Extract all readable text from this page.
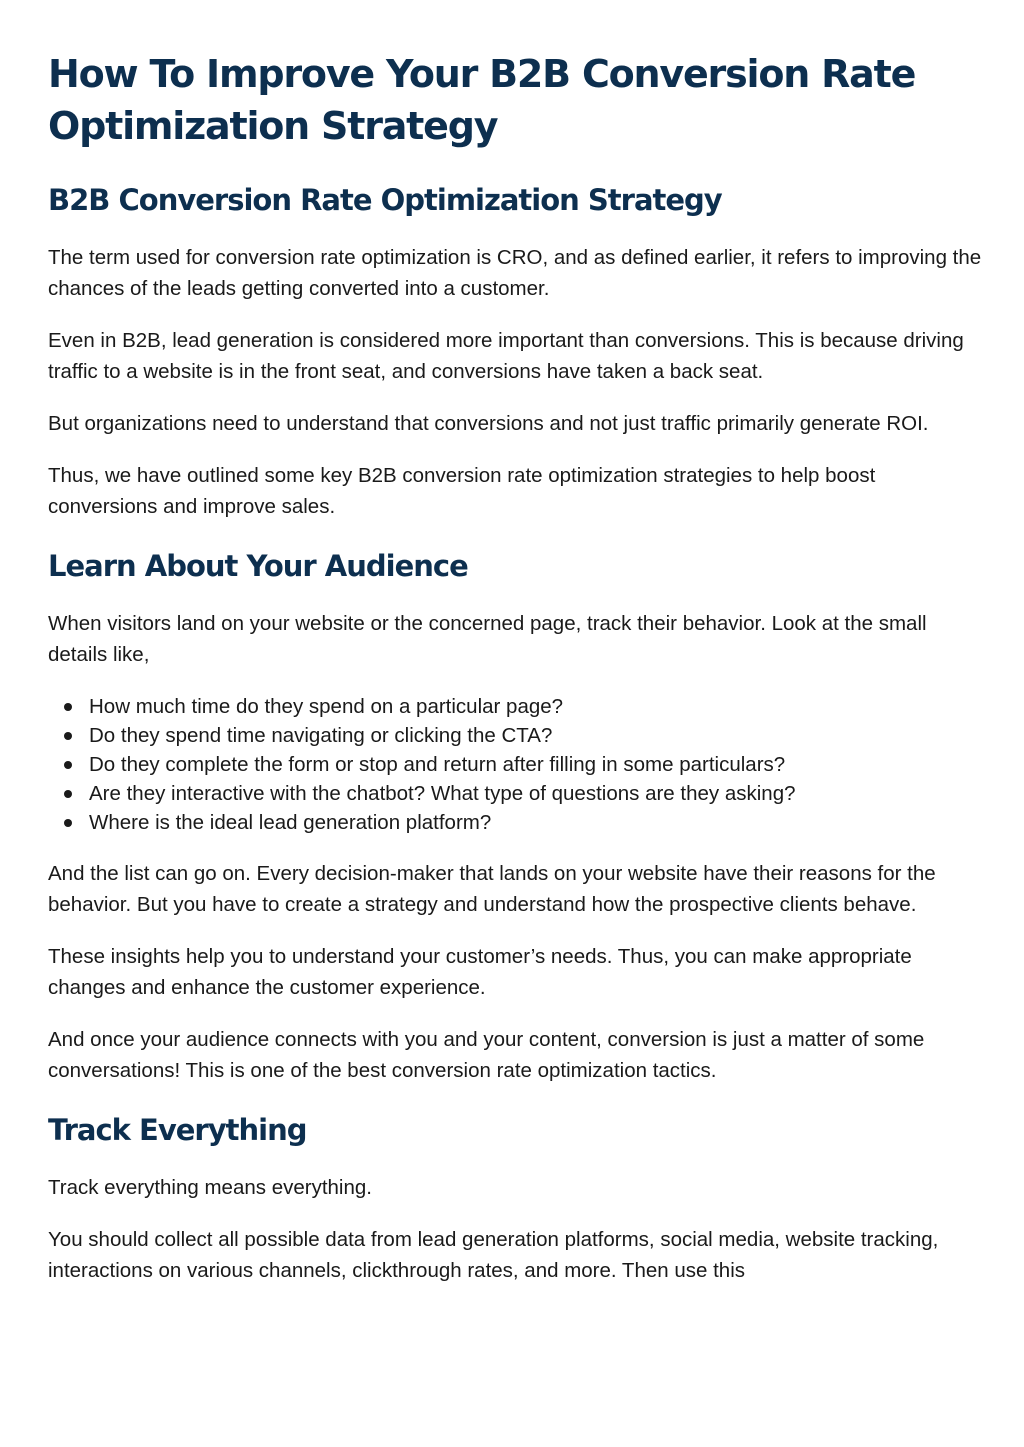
How To Improve Your B2B Conversion Rate Optimization Strategy
B2B Conversion Rate Optimization Strategy

The term used for conversion rate optimization is CRO, and as defined earlier, it refers to improving the chances of the leads getting converted into a customer.

Even in B2B, lead generation is considered more important than conversions. This is because driving traffic to a website is in the front seat, and conversions have taken a back seat.

But organizations need to understand that conversions and not just traffic primarily generate ROI.

Thus, we have outlined some key B2B conversion rate optimization strategies to help boost conversions and improve sales.

Learn About Your Audience

When visitors land on your website or the concerned page, track their behavior. Look at the small details like,

How much time do they spend on a particular page?
Do they spend time navigating or clicking the CTA?
Do they complete the form or stop and return after filling in some particulars?
Are they interactive with the chatbot? What type of questions are they asking?
Where is the ideal lead generation platform?

And the list can go on. Every decision-maker that lands on your website have their reasons for the behavior. But you have to create a strategy and understand how the prospective clients behave.

These insights help you to understand your customer’s needs. Thus, you can make appropriate changes and enhance the customer experience.

And once your audience connects with you and your content, conversion is just a matter of some conversations! This is one of the best conversion rate optimization tactics.

Track Everything

Track everything means everything.

You should collect all possible data from lead generation platforms, social media, website tracking, interactions on various channels, clickthrough rates, and more. Then use this
